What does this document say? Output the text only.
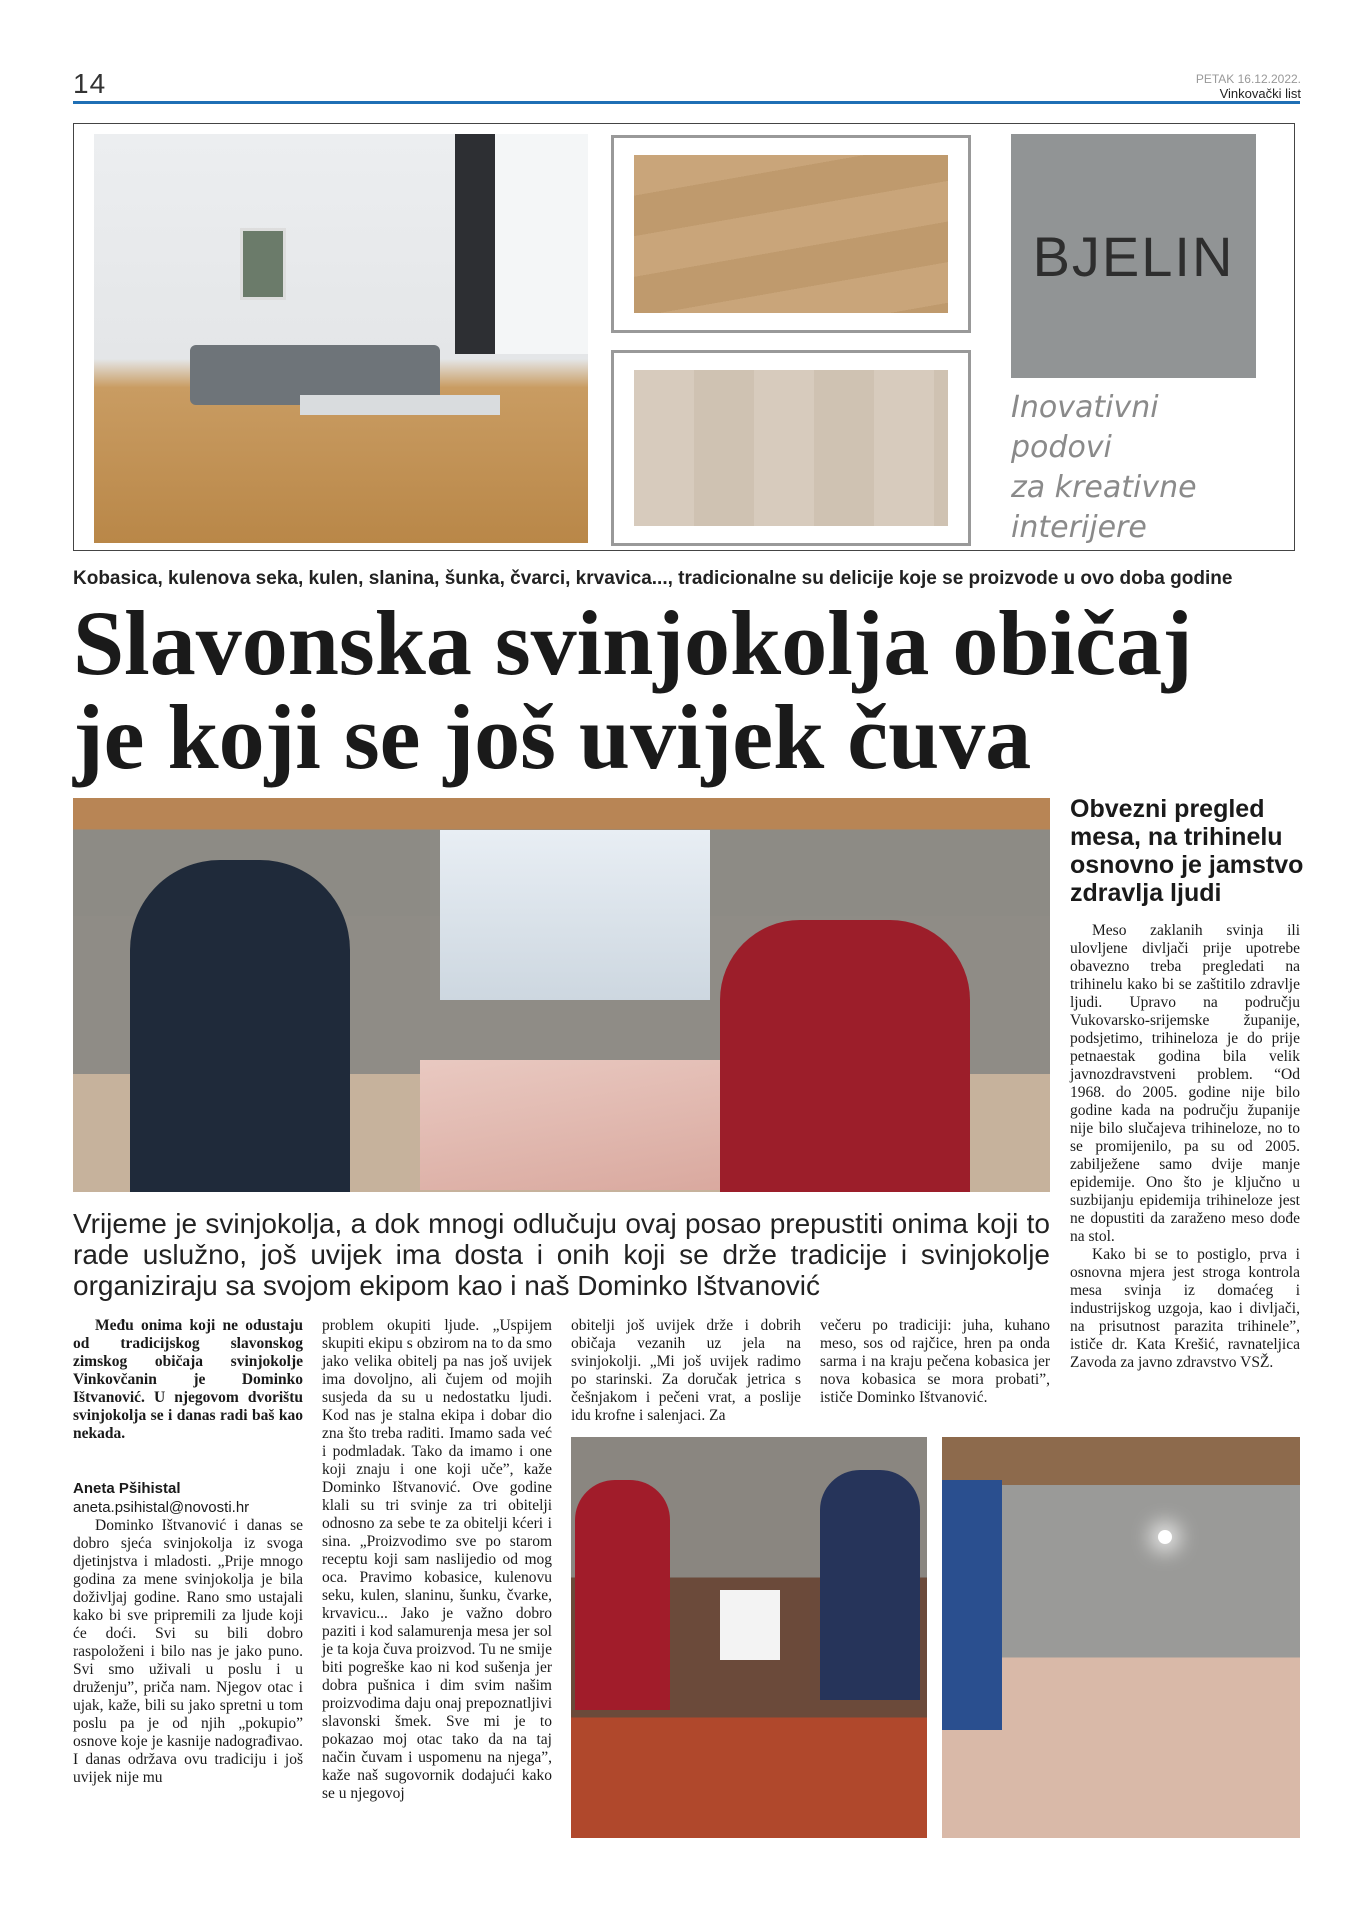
14	PETAK 16.12.2022.
Vinkovački list
BJELIN
Inovativni
podovi
za kreativne
interijere
Kobasica, kulenova seka, kulen, slanina, šunka, čvarci, krvavica..., tradicionalne su delicije koje se proizvode u ovo doba godine
Slavonska svinjokolja običaj
je koji se još uvijek čuva
Obvezni pregled mesa, na trihinelu osnovno je jamstvo zdravlja ljudi

Meso zaklanih svinja ili ulovljene divljači prije upotrebe obavezno treba pregledati na trihinelu kako bi se zaštitilo zdravlje ljudi. Upravo na području Vukovarsko-srijemske županije, podsjetimo, trihineloza je do prije petnaestak godina bila velik javnozdravstveni problem. “Od 1968. do 2005. godine nije bilo godine kada na području županije nije bilo slučajeva trihineloze, no to se promijenilo, pa su od 2005. zabilježene samo dvije manje epidemije. Ono što je ključno u suzbijanju epidemija trihineloze jest ne dopustiti da zaraženo meso dođe na stol.

Kako bi se to postiglo, prva i osnovna mjera jest stroga kontrola mesa svinja iz domaćeg i industrijskog uzgoja, kao i divljači, na prisutnost parazita trihinele”, ističe dr. Kata Krešić, ravnateljica Zavoda za javno zdravstvo VSŽ.

Vrijeme je svinjokolja, a dok mnogi odlučuju ovaj posao prepustiti onima koji to rade uslužno, još uvijek ima dosta i onih koji se drže tradicije i svinjokolje organiziraju sa svojom ekipom kao i naš Dominko Ištvanović

Među onima koji ne odustaju od tradicijskog slavonskog zimskog običaja svinjokolje Vinkovčanin je Dominko Ištvanović. U njegovom dvorištu svinjokolja se i danas radi baš kao nekada.

Aneta Pšihistal
aneta.psihistal@novosti.hr

Dominko Ištvanović i danas se dobro sjeća svinjokolja iz svoga djetinjstva i mladosti. „Prije mnogo godina za mene svinjokolja je bila doživljaj godine. Rano smo ustajali kako bi sve pripremili za ljude koji će doći. Svi su bili dobro raspoloženi i bilo nas je jako puno. Svi smo uživali u poslu i u druženju”, priča nam. Njegov otac i ujak, kaže, bili su jako spretni u tom poslu pa je od njih „pokupio” osnove koje je kasnije nadograđivao. I danas održava ovu tradiciju i još uvijek nije mu

problem okupiti ljude. „Uspijem skupiti ekipu s obzirom na to da smo jako velika obitelj pa nas još uvijek ima dovoljno, ali čujem od mojih susjeda da su u nedostatku ljudi. Kod nas je stalna ekipa i dobar dio zna što treba raditi. Imamo sada već i podmladak. Tako da imamo i one koji znaju i one koji uče”, kaže Dominko Ištvanović. Ove godine klali su tri svinje za tri obitelji odnosno za sebe te za obitelji kćeri i sina. „Proizvodimo sve po starom receptu koji sam naslijedio od mog oca. Pravimo kobasice, kulenovu seku, kulen, slaninu, šunku, čvarke, krvavicu... Jako je važno dobro paziti i kod salamurenja mesa jer sol je ta koja čuva proizvod. Tu ne smije biti pogreške kao ni kod sušenja jer dobra pušnica i dim svim našim proizvodima daju onaj prepoznatljivi slavonski šmek. Sve mi je to pokazao moj otac tako da na taj način čuvam i uspomenu na njega”, kaže naš sugovornik dodajući kako se u njegovoj

obitelji još uvijek drže i dobrih običaja vezanih uz jela na svinjokolji. „Mi još uvijek radimo po starinski. Za doručak jetrica s češnjakom i pečeni vrat, a poslije idu krofne i salenjaci. Za

večeru po tradiciji: juha, kuhano meso, sos od rajčice, hren pa onda sarma i na kraju pečena kobasica jer nova kobasica se mora probati”, ističe Dominko Ištvanović.
